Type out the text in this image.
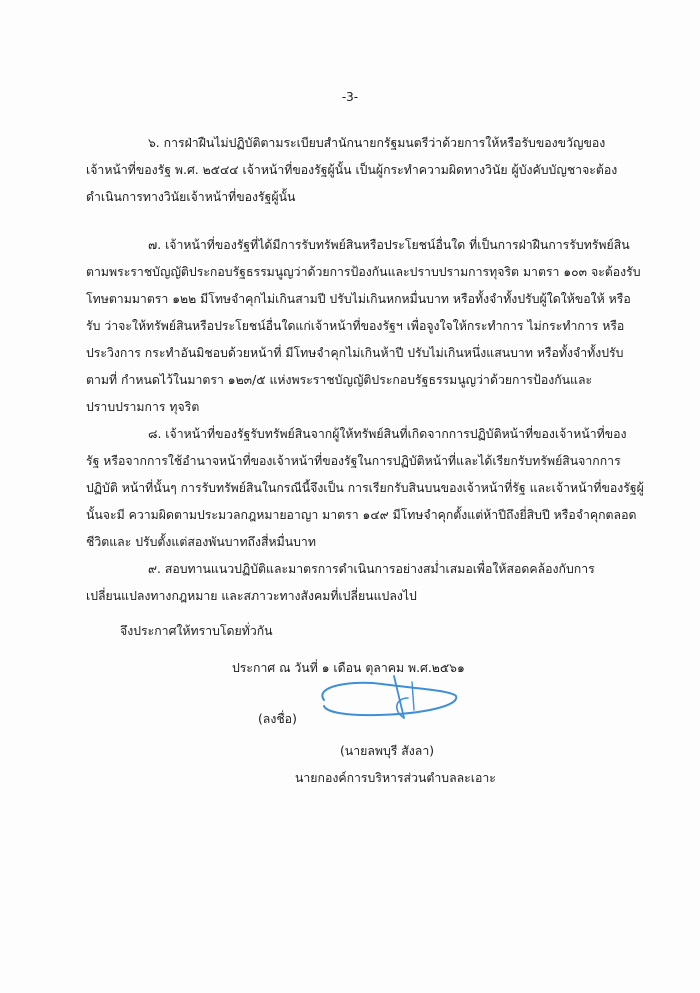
-3-
๖. การฝ่าฝืนไม่ปฏิบัติตามระเบียบสำนักนายกรัฐมนตรีว่าด้วยการให้หรือรับของขวัญของ
เจ้าหน้าที่ของรัฐ พ.ศ. ๒๕๔๔ เจ้าหน้าที่ของรัฐผู้นั้น เป็นผู้กระทำความผิดทางวินัย ผู้บังคับบัญชาจะต้อง
ดำเนินการทางวินัยเจ้าหน้าที่ของรัฐผู้นั้น
๗. เจ้าหน้าที่ของรัฐที่ได้มีการรับทรัพย์สินหรือประโยชน์อื่นใด ที่เป็นการฝ่าฝืนการรับทรัพย์สิน
ตามพระราชบัญญัติประกอบรัฐธรรมนูญว่าด้วยการป้องกันและปราบปรามการทุจริต มาตรา ๑๐๓ จะต้องรับ
โทษตามมาตรา ๑๒๒ มีโทษจำคุกไม่เกินสามปี ปรับไม่เกินหกหมื่นบาท หรือทั้งจำทั้งปรับผู้ใดให้ขอให้ หรือ
รับ ว่าจะให้ทรัพย์สินหรือประโยชน์อื่นใดแก่เจ้าหน้าที่ของรัฐฯ เพื่อจูงใจให้กระทำการ ไม่กระทำการ หรือ
ประวิงการ กระทำอันมิชอบด้วยหน้าที่ มีโทษจำคุกไม่เกินห้าปี ปรับไม่เกินหนึ่งแสนบาท หรือทั้งจำทั้งปรับ
ตามที่ กำหนดไว้ในมาตรา ๑๒๓/๕ แห่งพระราชบัญญัติประกอบรัฐธรรมนูญว่าด้วยการป้องกันและ
ปราบปรามการ ทุจริต
๘. เจ้าหน้าที่ของรัฐรับทรัพย์สินจากผู้ให้ทรัพย์สินที่เกิดจากการปฏิบัติหน้าที่ของเจ้าหน้าที่ของ
รัฐ หรือจากการใช้อำนาจหน้าที่ของเจ้าหน้าที่ของรัฐในการปฏิบัติหน้าที่และได้เรียกรับทรัพย์สินจากการ
ปฏิบัติ หน้าที่นั้นๆ การรับทรัพย์สินในกรณีนี้จึงเป็น การเรียกรับสินบนของเจ้าหน้าที่รัฐ และเจ้าหน้าที่ของรัฐผู้
นั้นจะมี ความผิดตามประมวลกฎหมายอาญา มาตรา ๑๔๙ มีโทษจำคุกตั้งแต่ห้าปีถึงยี่สิบปี หรือจำคุกตลอด
ชีวิตและ ปรับตั้งแต่สองพันบาทถึงสี่หมื่นบาท
๙. สอบทานแนวปฏิบัติและมาตรการดำเนินการอย่างสม่ำเสมอเพื่อให้สอดคล้องกับการ
เปลี่ยนแปลงทางกฎหมาย และสภาวะทางสังคมที่เปลี่ยนแปลงไป
จึงประกาศให้ทราบโดยทั่วกัน
ประกาศ ณ วันที่ ๑ เดือน ตุลาคม พ.ศ.๒๕๖๑
(ลงชื่อ)
(นายลพบุรี สังลา)
นายกองค์การบริหารส่วนตำบลละเอาะ
